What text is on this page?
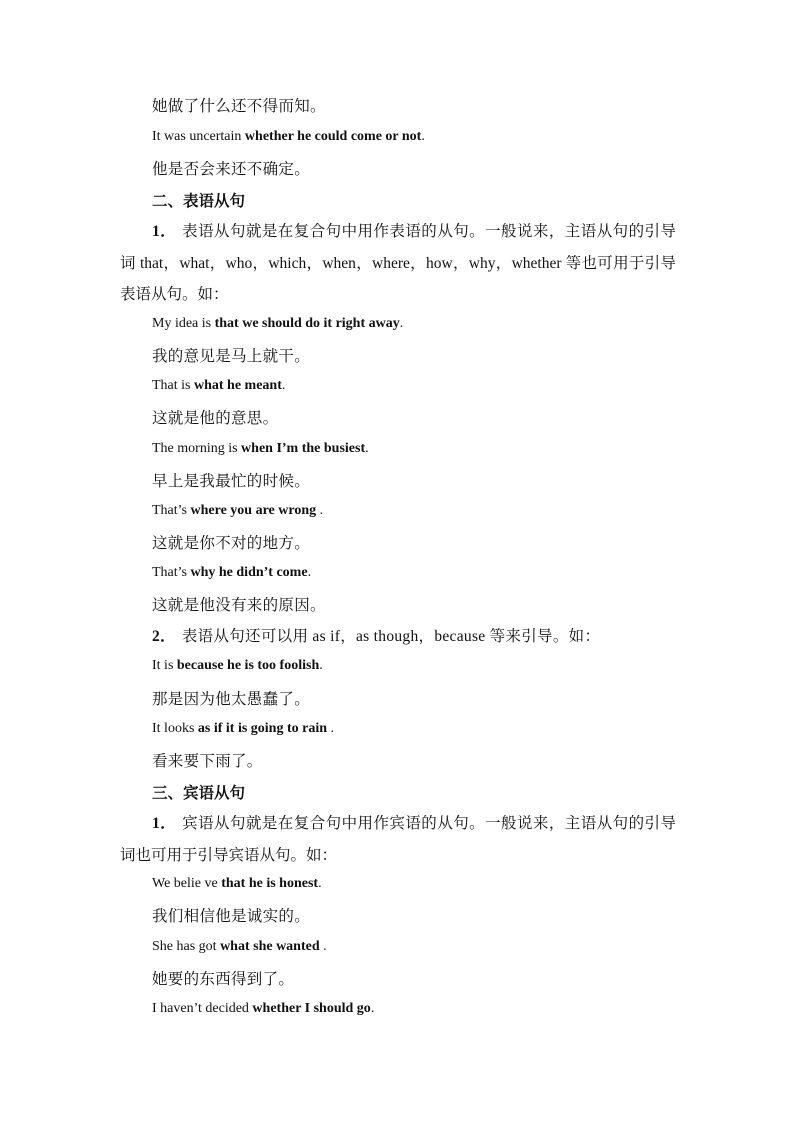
她做了什么还不得而知。
It was uncertain whether he could come or not.
他是否会来还不确定。
二、表语从句
1． 表语从句就是在复合句中用作表语的从句。一般说来，主语从句的引导词 that，what，who，which，when，where，how，why，whether 等也可用于引导表语从句。如：
My idea is that we should do it right away.
我的意见是马上就干。
That is what he meant.
这就是他的意思。
The morning is when I’m the busiest.
早上是我最忙的时候。
That’s where you are wrong .
这就是你不对的地方。
That’s why he didn’t come.
这就是他没有来的原因。
2． 表语从句还可以用 as if，as though，because 等来引导。如：
It is because he is too foolish.
那是因为他太愚蠢了。
It looks as if it is going to rain .
看来要下雨了。
三、宾语从句
1． 宾语从句就是在复合句中用作宾语的从句。一般说来，主语从句的引导词也可用于引导宾语从句。如：
We belie ve that he is honest.
我们相信他是诚实的。
She has got what she wanted .
她要的东西得到了。
I haven’t decided whether I should go.
